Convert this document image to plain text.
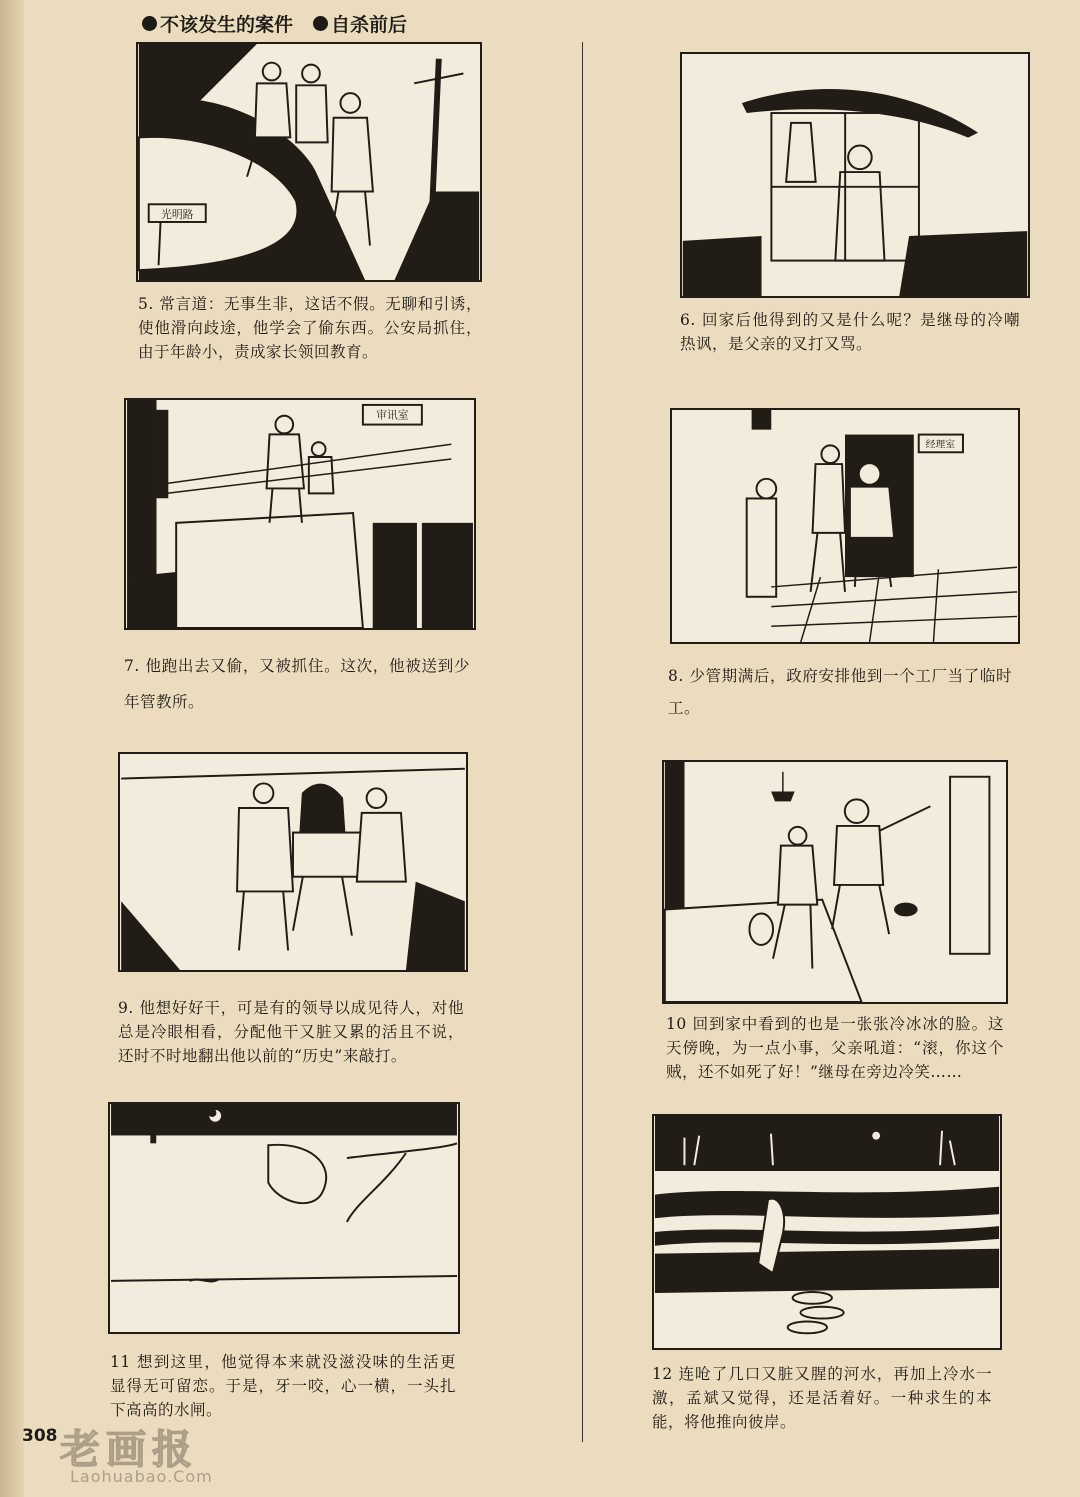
不该发生的案件 自杀前后
光明路
5. 常言道：无事生非，这话不假。无聊和引诱，使他滑向歧途，他学会了偷东西。公安局抓住，由于年龄小，责成家长领回教育。
6. 回家后他得到的又是什么呢？是继母的冷嘲热讽，是父亲的叉打又骂。
审讯室
7. 他跑出去又偷，又被抓住。这次，他被送到少年管教所。
经理室
8. 少管期满后，政府安排他到一个工厂当了临时工。
9. 他想好好干，可是有的领导以成见待人，对他总是冷眼相看，分配他干又脏又累的活且不说，还时不时地翻出他以前的“历史”来敲打。
10 回到家中看到的也是一张张冷冰冰的脸。这天傍晚，为一点小事，父亲吼道：“滚，你这个贼，还不如死了好！”继母在旁边冷笑……
11 想到这里，他觉得本来就没滋没味的生活更显得无可留恋。于是，牙一咬，心一横，一头扎下高高的水闸。
12 连呛了几口又脏又腥的河水，再加上冷水一激，孟斌又觉得，还是活着好。一种求生的本能，将他推向彼岸。
308 老画报
Laohuabao.Com
